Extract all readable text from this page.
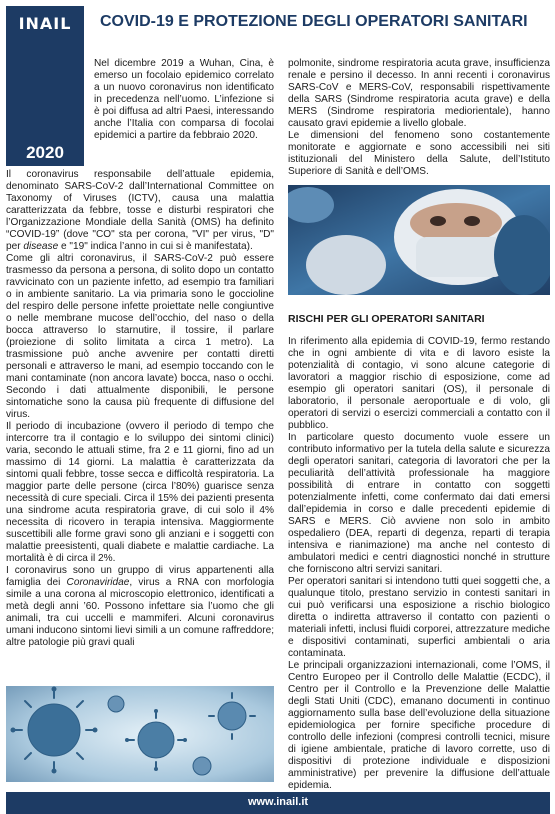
INAIL
2020
COVID-19 E PROTEZIONE DEGLI OPERATORI SANITARI

Nel dicembre 2019 a Wuhan, Cina, è emerso un focolaio epidemico correlato a un nuovo coronavirus non identificato in precedenza nell’uomo. L’infezione si è poi diffusa ad altri Paesi, interessando anche l’Italia con comparsa di focolai epidemici a partire da febbraio 2020.

Il coronavirus responsabile dell’attuale epidemia, denominato SARS-CoV-2 dall’International Committee on Taxonomy of Viruses (ICTV), causa una malattia caratterizzata da febbre, tosse e disturbi respiratori che l’Organizzazione Mondiale della Sanità (OMS) ha definito “COVID-19” (dove "CO" sta per corona, "VI" per virus, "D" per disease e "19" indica l’anno in cui si è manifestata).

Come gli altri coronavirus, il SARS-CoV-2 può essere trasmesso da persona a persona, di solito dopo un contatto ravvicinato con un paziente infetto, ad esempio tra familiari o in ambiente sanitario. La via primaria sono le goccioline del respiro delle persone infette proiettate nelle congiuntive o nelle membrane mucose dell’occhio, del naso o della bocca attraverso lo starnutire, il tossire, il parlare (proiezione di solito limitata a circa 1 metro). La trasmissione può anche avvenire per contatti diretti personali e attraverso le mani, ad esempio toccando con le mani contaminate (non ancora lavate) bocca, naso o occhi. Secondo i dati attualmente disponibili, le persone sintomatiche sono la causa più frequente di diffusione del virus.

Il periodo di incubazione (ovvero il periodo di tempo che intercorre tra il contagio e lo sviluppo dei sintomi clinici) varia, secondo le attuali stime, fra 2 e 11 giorni, fino ad un massimo di 14 giorni. La malattia è caratterizzata da sintomi quali febbre, tosse secca e difficoltà respiratoria. La maggior parte delle persone (circa l’80%) guarisce senza necessità di cure speciali. Circa il 15% dei pazienti presenta una sindrome acuta respiratoria grave, di cui solo il 4% necessita di ricovero in terapia intensiva. Maggiormente suscettibili alle forme gravi sono gli anziani e i soggetti con malattie preesistenti, quali diabete e malattie cardiache. La mortalità è di circa il 2%.

I coronavirus sono un gruppo di virus appartenenti alla famiglia dei Coronaviridae, virus a RNA con morfologia simile a una corona al microscopio elettronico, identificati a metà degli anni ’60. Possono infettare sia l’uomo che gli animali, tra cui uccelli e mammiferi. Alcuni coronavirus umani inducono sintomi lievi simili a un comune raffreddore; altre patologie più gravi quali

polmonite, sindrome respiratoria acuta grave, insufficienza renale e persino il decesso. In anni recenti i coronavirus SARS-CoV e MERS-CoV, responsabili rispettivamente della SARS (Sindrome respiratoria acuta grave) e della MERS (Sindrome respiratoria mediorientale), hanno causato gravi epidemie a livello globale.

Le dimensioni del fenomeno sono costantemente monitorate e aggiornate e sono accessibili nei siti istituzionali del Ministero della Salute, dell’Istituto Superiore di Sanità e dell’OMS.

RISCHI PER GLI OPERATORI SANITARI

In riferimento alla epidemia di COVID-19, fermo restando che in ogni ambiente di vita e di lavoro esiste la potenzialità di contagio, vi sono alcune categorie di lavoratori a maggior rischio di esposizione, come ad esempio gli operatori sanitari (OS), il personale di laboratorio, il personale aeroportuale e di volo, gli operatori di servizi o esercizi commerciali a contatto con il pubblico.

In particolare questo documento vuole essere un contributo informativo per la tutela della salute e sicurezza degli operatori sanitari, categoria di lavoratori che per la peculiarità dell’attività professionale ha maggiore possibilità di entrare in contatto con soggetti potenzialmente infetti, come confermato dai dati emersi dall’epidemia in corso e dalle precedenti epidemie di SARS e MERS. Ciò avviene non solo in ambito ospedaliero (DEA, reparti di degenza, reparti di terapia intensiva e rianimazione) ma anche nel contesto di ambulatori medici e centri diagnostici nonché in strutture che forniscono altri servizi sanitari.

Per operatori sanitari si intendono tutti quei soggetti che, a qualunque titolo, prestano servizio in contesti sanitari in cui può verificarsi una esposizione a rischio biologico diretta o indiretta attraverso il contatto con pazienti o materiali infetti, inclusi fluidi corporei, attrezzature mediche e dispositivi contaminati, superfici ambientali o aria contaminata.

Le principali organizzazioni internazionali, come l’OMS, il Centro Europeo per il Controllo delle Malattie (ECDC), il Centro per il Controllo e la Prevenzione delle Malattie degli Stati Uniti (CDC), emanano documenti in continuo aggiornamento sulla base dell’evoluzione della situazione epidemiologica per fornire specifiche procedure di controllo delle infezioni (compresi controlli tecnici, misure di igiene ambientale, pratiche di lavoro corrette, uso di dispositivi di protezione individuale e disposizioni amministrative) per prevenire la diffusione dell’attuale epidemia.

www.inail.it
